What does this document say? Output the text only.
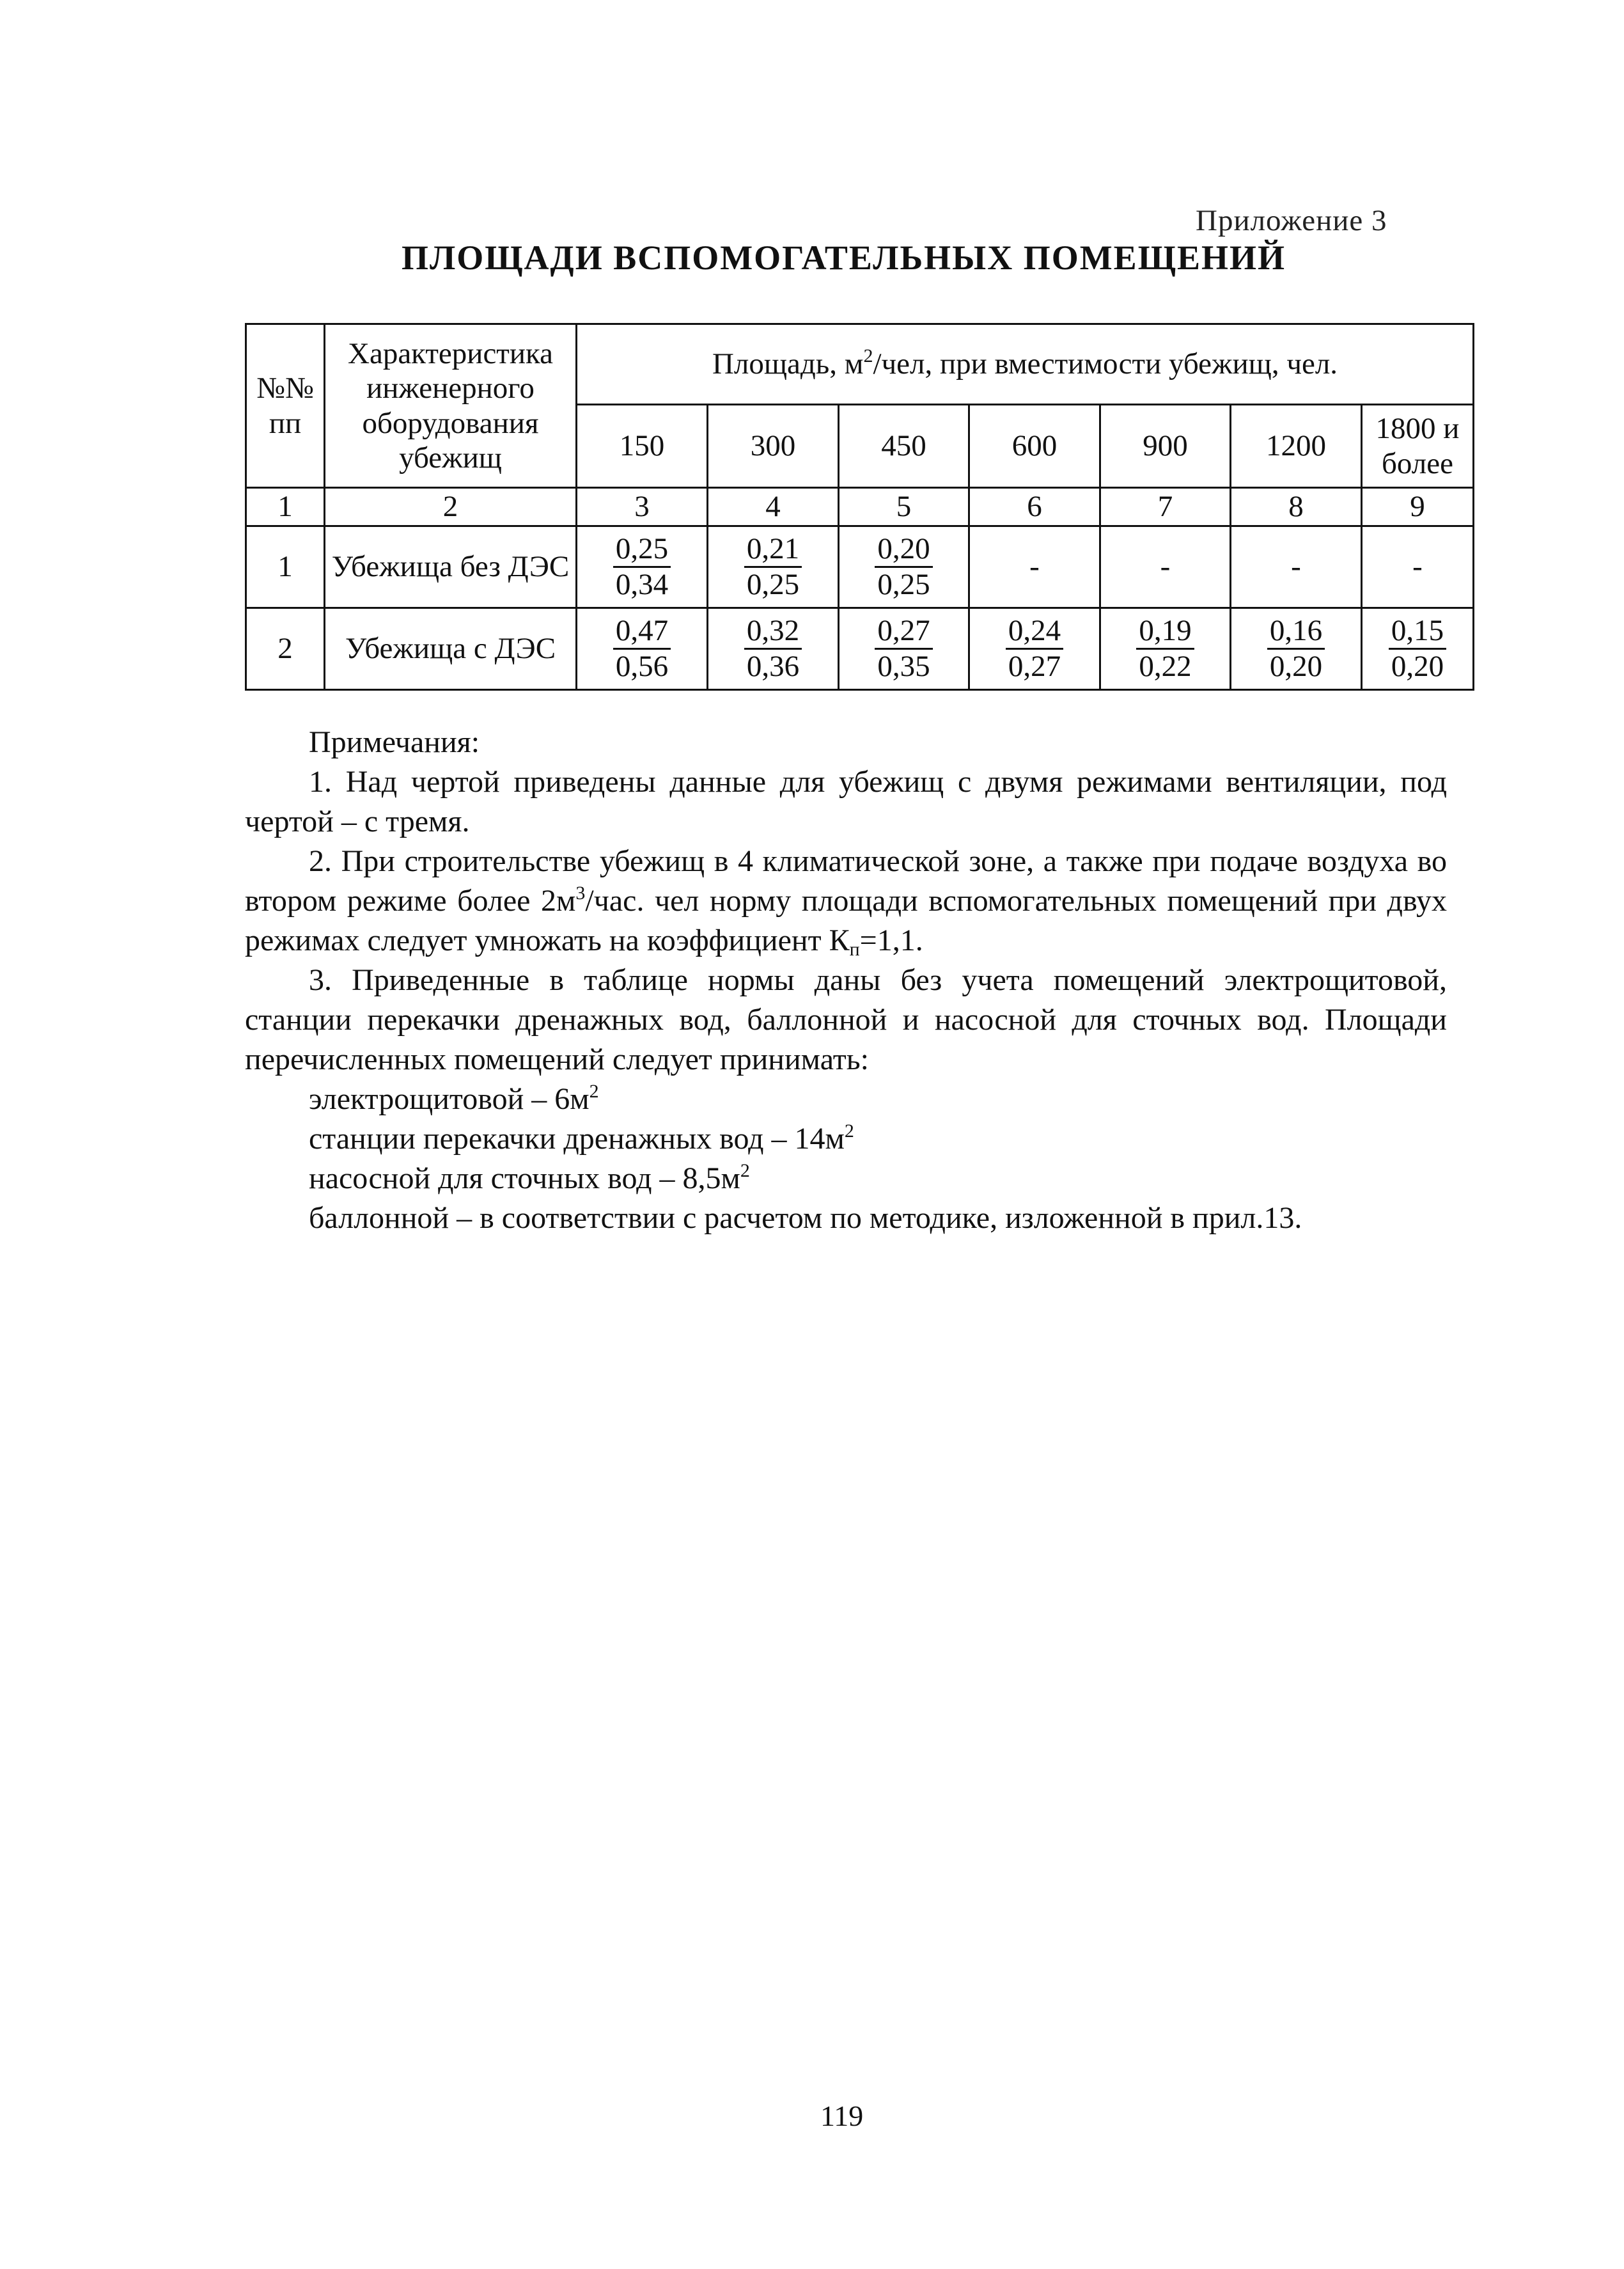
Приложение 3
ПЛОЩАДИ ВСПОМОГАТЕЛЬНЫХ ПОМЕЩЕНИЙ
№№ пп	Характеристика инженерного оборудования убежищ	Площадь, $м^2$/чел, при вместимости убежищ, чел.						
		150	300	450	600	900	1200	1800 и более
1	2	3	4	5	6	7	8	9
1	Убежища без ДЭС	$\frac{0,25}{0,34}$	$\frac{0,21}{0,25}$	$\frac{0,20}{0,25}$	-	-	-	-
2	Убежища с ДЭС	$\frac{0,47}{0,56}$	$\frac{0,32}{0,36}$	$\frac{0,27}{0,35}$	$\frac{0,24}{0,27}$	$\frac{0,19}{0,22}$	$\frac{0,16}{0,20}$	$\frac{0,15}{0,20}$

Примечания:

1. Над чертой приведены данные для убежищ с двумя режимами вентиляции, под чертой – с тремя.

2. При строительстве убежищ в 4 климатической зоне, а также при подаче воздуха во втором режиме более $2м^3$/час. чел норму площади вспомогательных помещений при двух режимах следует умножать на коэффициент $К_п=1,1$.

3. Приведенные в таблице нормы даны без учета помещений электрощитовой, станции перекачки дренажных вод, баллонной и насосной для сточных вод. Площади перечисленных помещений следует принимать:

электрощитовой – $6м^2$

станции перекачки дренажных вод – $14м^2$

насосной для сточных вод – $8,5м^2$

баллонной – в соответствии с расчетом по методике, изложенной в прил.13.

119
